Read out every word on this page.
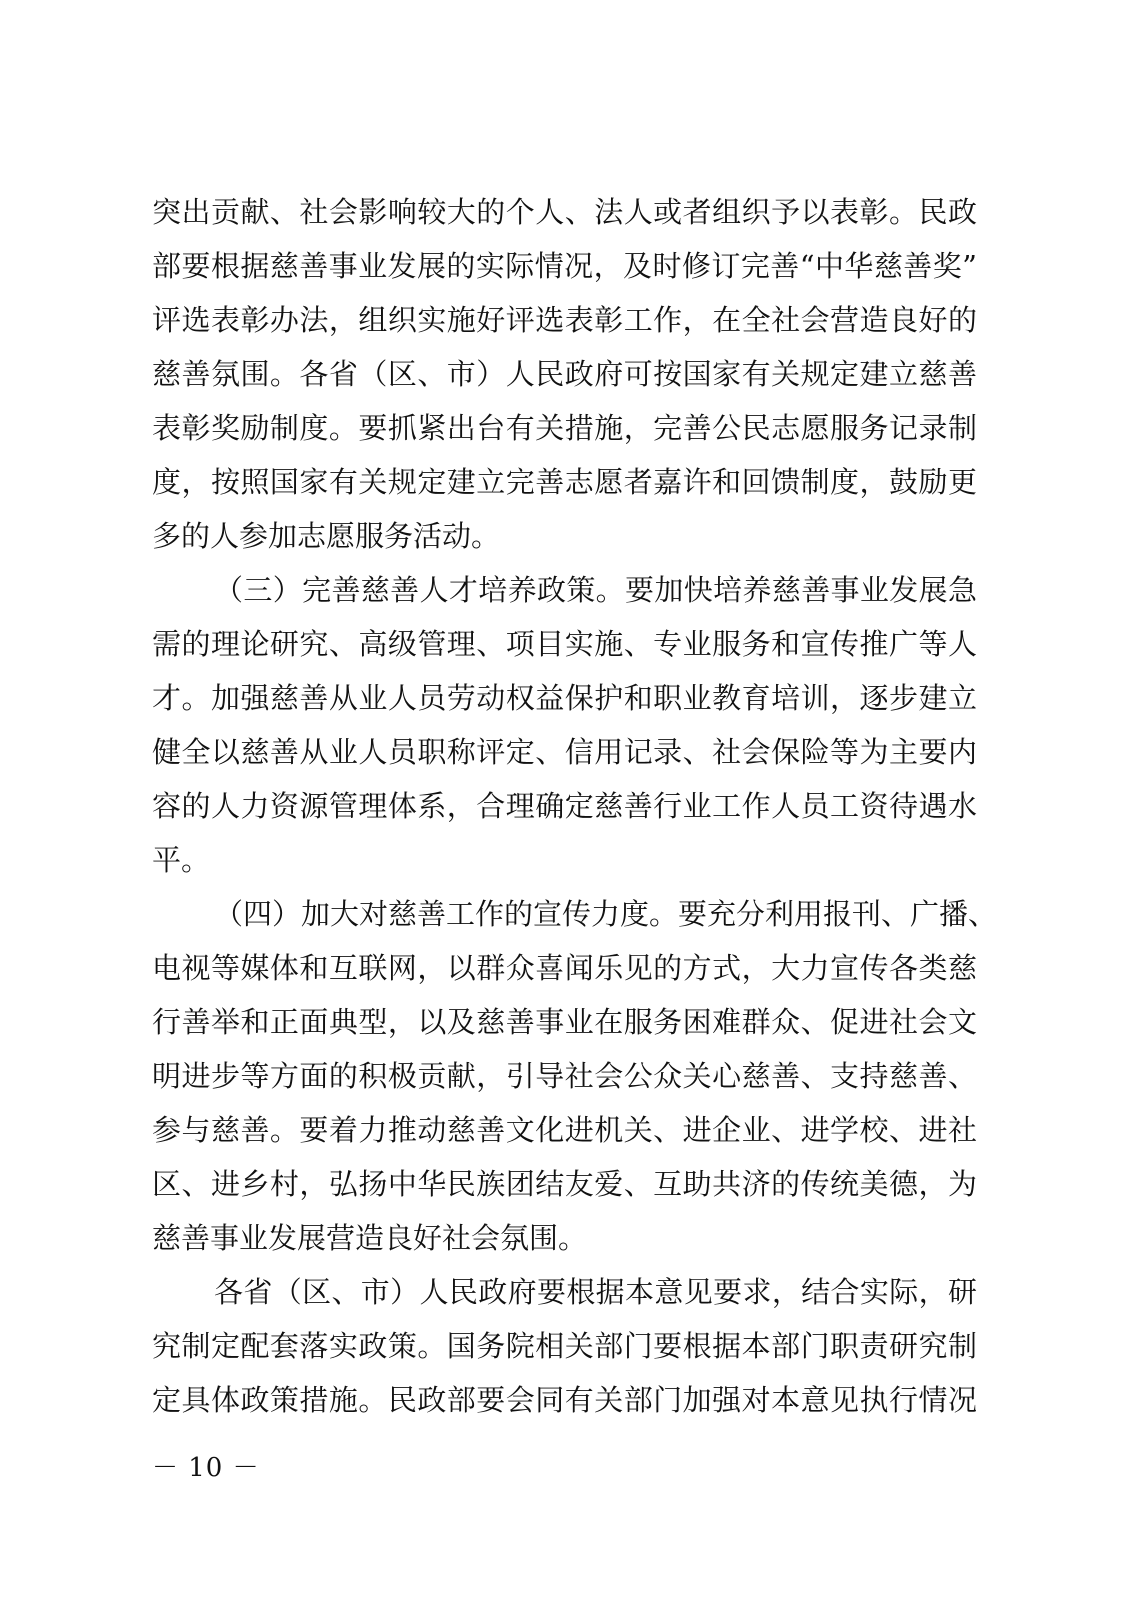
突出贡献、社会影响较大的个人、法人或者组织予以表彰。民政
部要根据慈善事业发展的实际情况，及时修订完善“中华慈善奖”
评选表彰办法，组织实施好评选表彰工作，在全社会营造良好的
慈善氛围。各省（区、市）人民政府可按国家有关规定建立慈善
表彰奖励制度。要抓紧出台有关措施，完善公民志愿服务记录制
度，按照国家有关规定建立完善志愿者嘉许和回馈制度，鼓励更
多的人参加志愿服务活动。
（三）完善慈善人才培养政策。要加快培养慈善事业发展急
需的理论研究、高级管理、项目实施、专业服务和宣传推广等人
才。加强慈善从业人员劳动权益保护和职业教育培训，逐步建立
健全以慈善从业人员职称评定、信用记录、社会保险等为主要内
容的人力资源管理体系，合理确定慈善行业工作人员工资待遇水
平。
（四）加大对慈善工作的宣传力度。要充分利用报刊、广播、
电视等媒体和互联网，以群众喜闻乐见的方式，大力宣传各类慈
行善举和正面典型，以及慈善事业在服务困难群众、促进社会文
明进步等方面的积极贡献，引导社会公众关心慈善、支持慈善、
参与慈善。要着力推动慈善文化进机关、进企业、进学校、进社
区、进乡村，弘扬中华民族团结友爱、互助共济的传统美德，为
慈善事业发展营造良好社会氛围。
各省（区、市）人民政府要根据本意见要求，结合实际，研
究制定配套落实政策。国务院相关部门要根据本部门职责研究制
定具体政策措施。民政部要会同有关部门加强对本意见执行情况
－ 10 －
